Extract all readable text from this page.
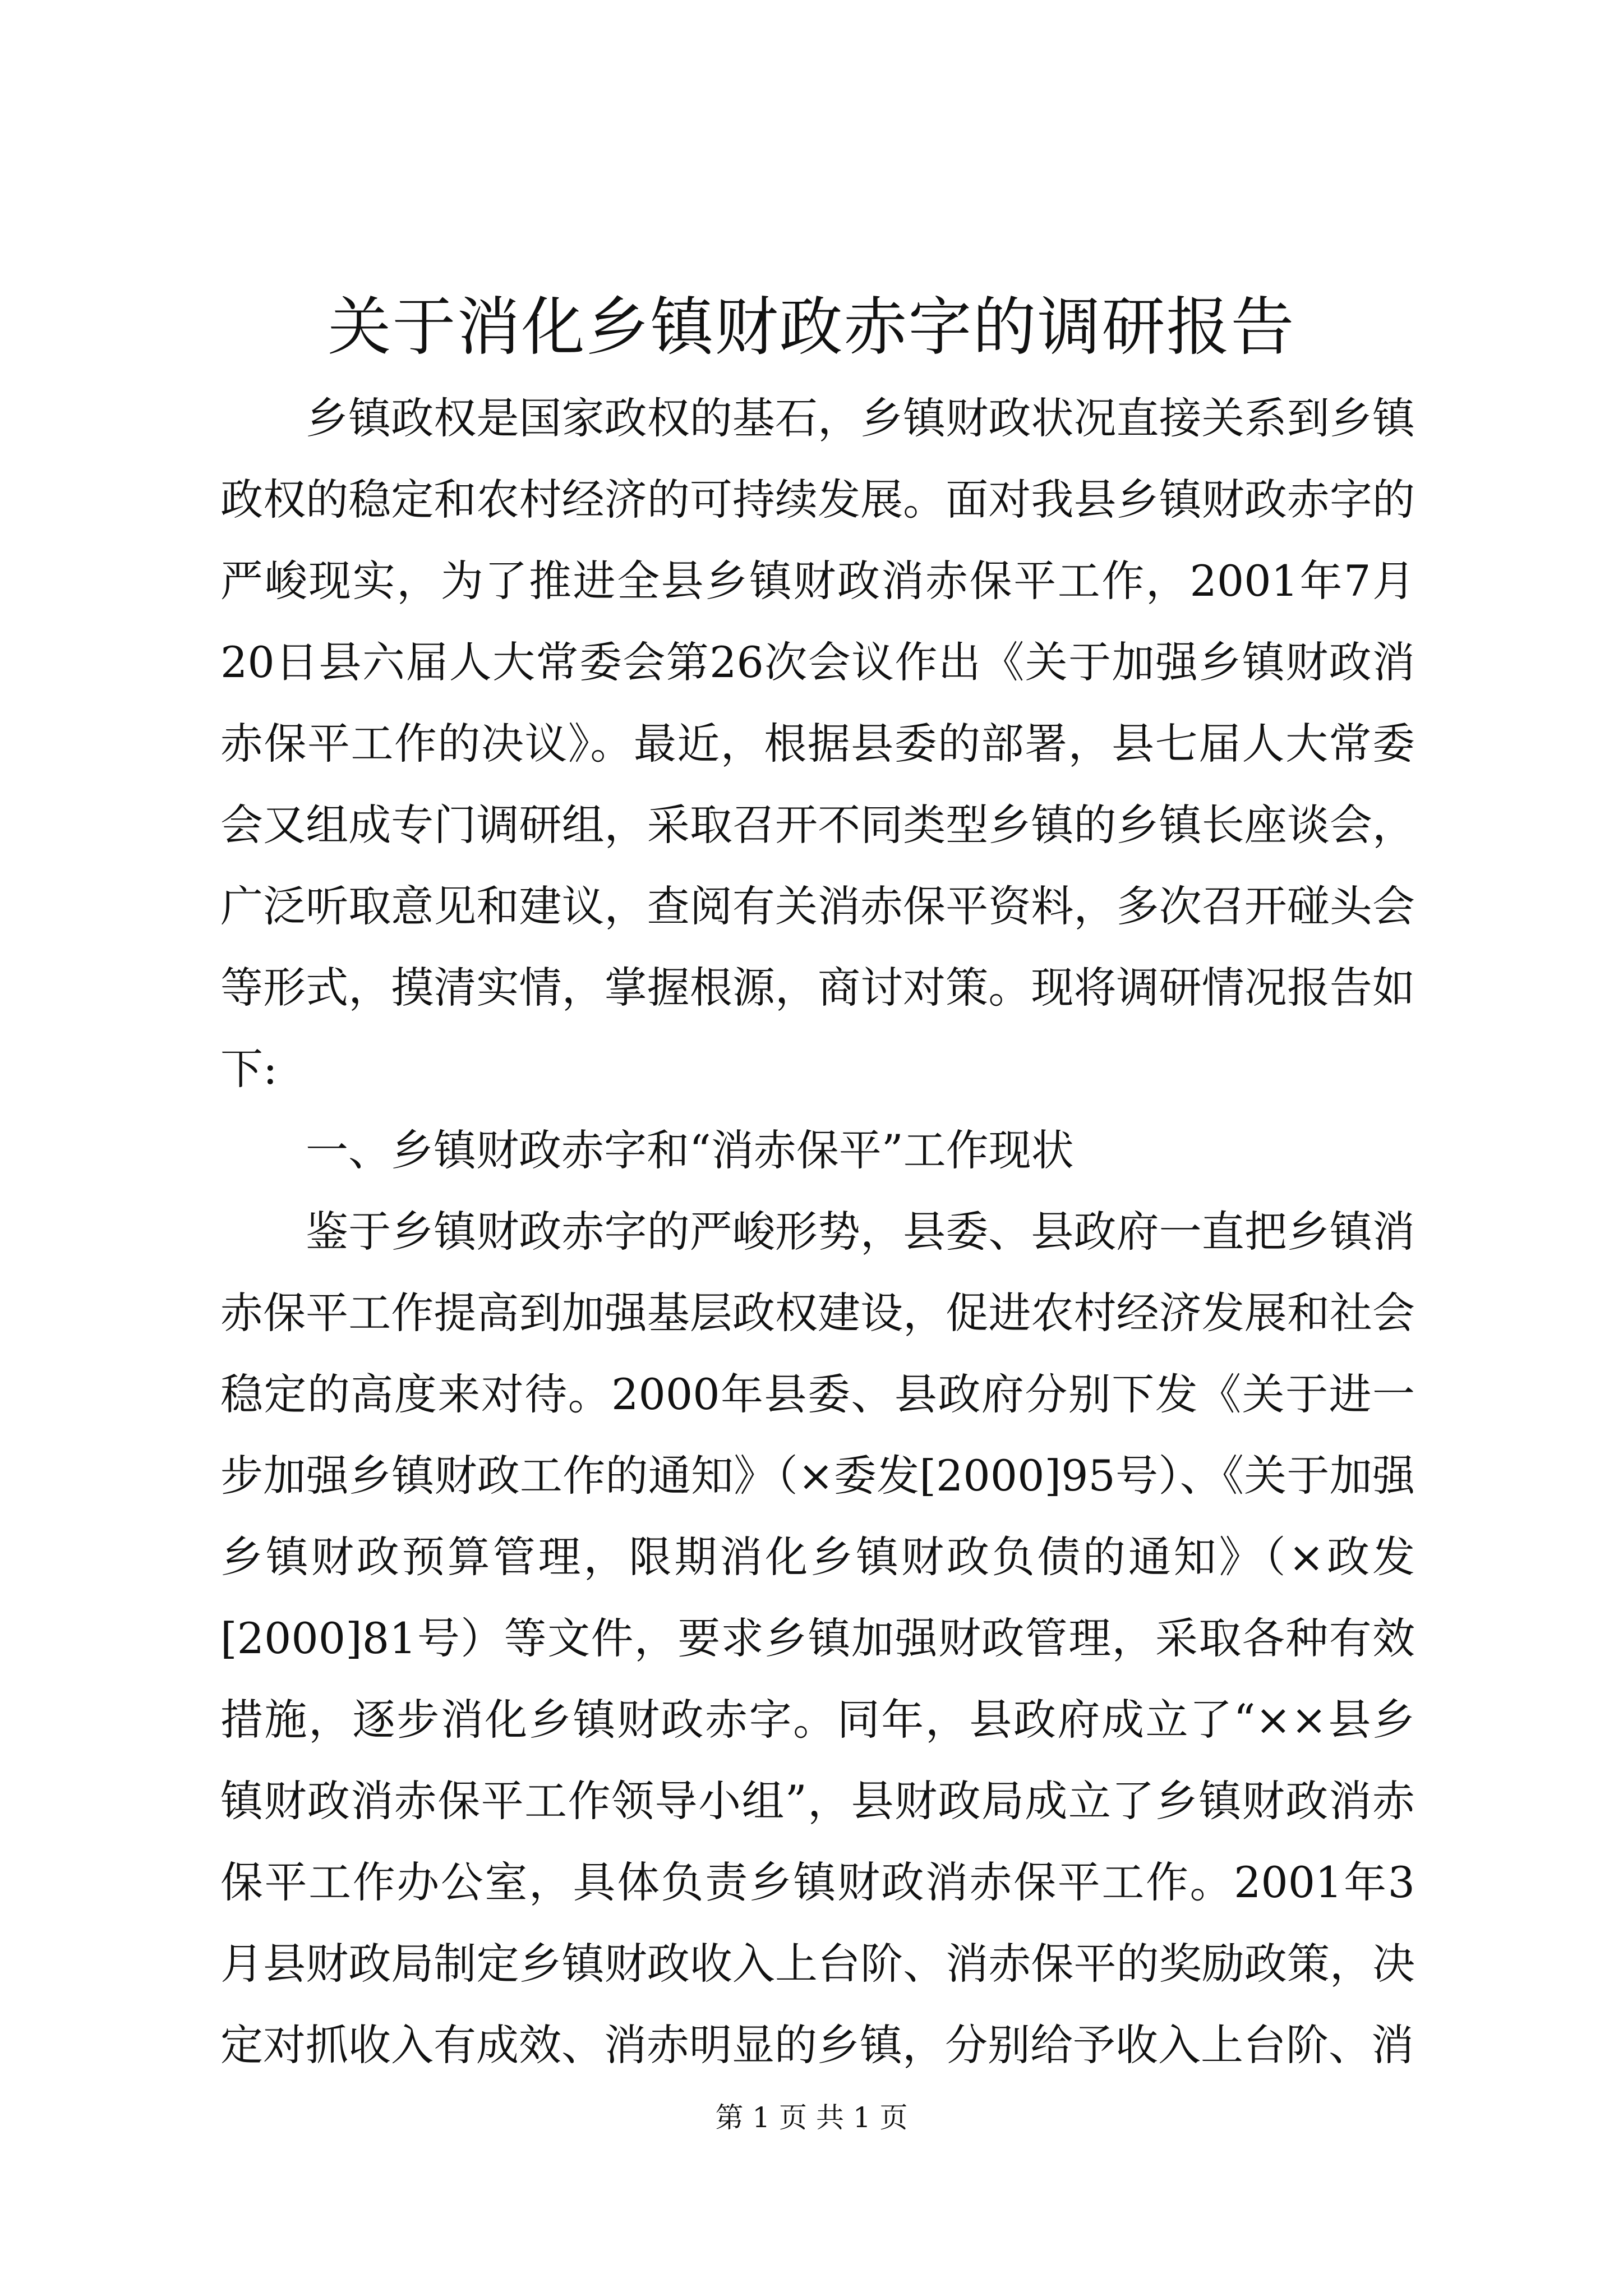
关于消化乡镇财政赤字的调研报告

乡镇政权是国家政权的基石，乡镇财政状况直接关系到乡镇政权的稳定和农村经济的可持续发展。面对我县乡镇财政赤字的严峻现实，为了推进全县乡镇财政消赤保平工作，2001年7月20日县六届人大常委会第26次会议作出《关于加强乡镇财政消赤保平工作的决议》。最近，根据县委的部署，县七届人大常委会又组成专门调研组，采取召开不同类型乡镇的乡镇长座谈会，广泛听取意见和建议，查阅有关消赤保平资料，多次召开碰头会等形式，摸清实情，掌握根源，商讨对策。现将调研情况报告如下:

一、乡镇财政赤字和“消赤保平”工作现状

鉴于乡镇财政赤字的严峻形势，县委、县政府一直把乡镇消赤保平工作提高到加强基层政权建设，促进农村经济发展和社会稳定的高度来对待。2000年县委、县政府分别下发《关于进一步加强乡镇财政工作的通知》（×委发[2000]95号）、《关于加强乡镇财政预算管理，限期消化乡镇财政负债的通知》（×政发[2000]81号）等文件，要求乡镇加强财政管理，采取各种有效措施，逐步消化乡镇财政赤字。同年，县政府成立了“××县乡镇财政消赤保平工作领导小组”，县财政局成立了乡镇财政消赤保平工作办公室，具体负责乡镇财政消赤保平工作。2001年3月县财政局制定乡镇财政收入上台阶、消赤保平的奖励政策，决定对抓收入有成效、消赤明显的乡镇，分别给予收入上台阶、消

第 1 页 共 1 页
